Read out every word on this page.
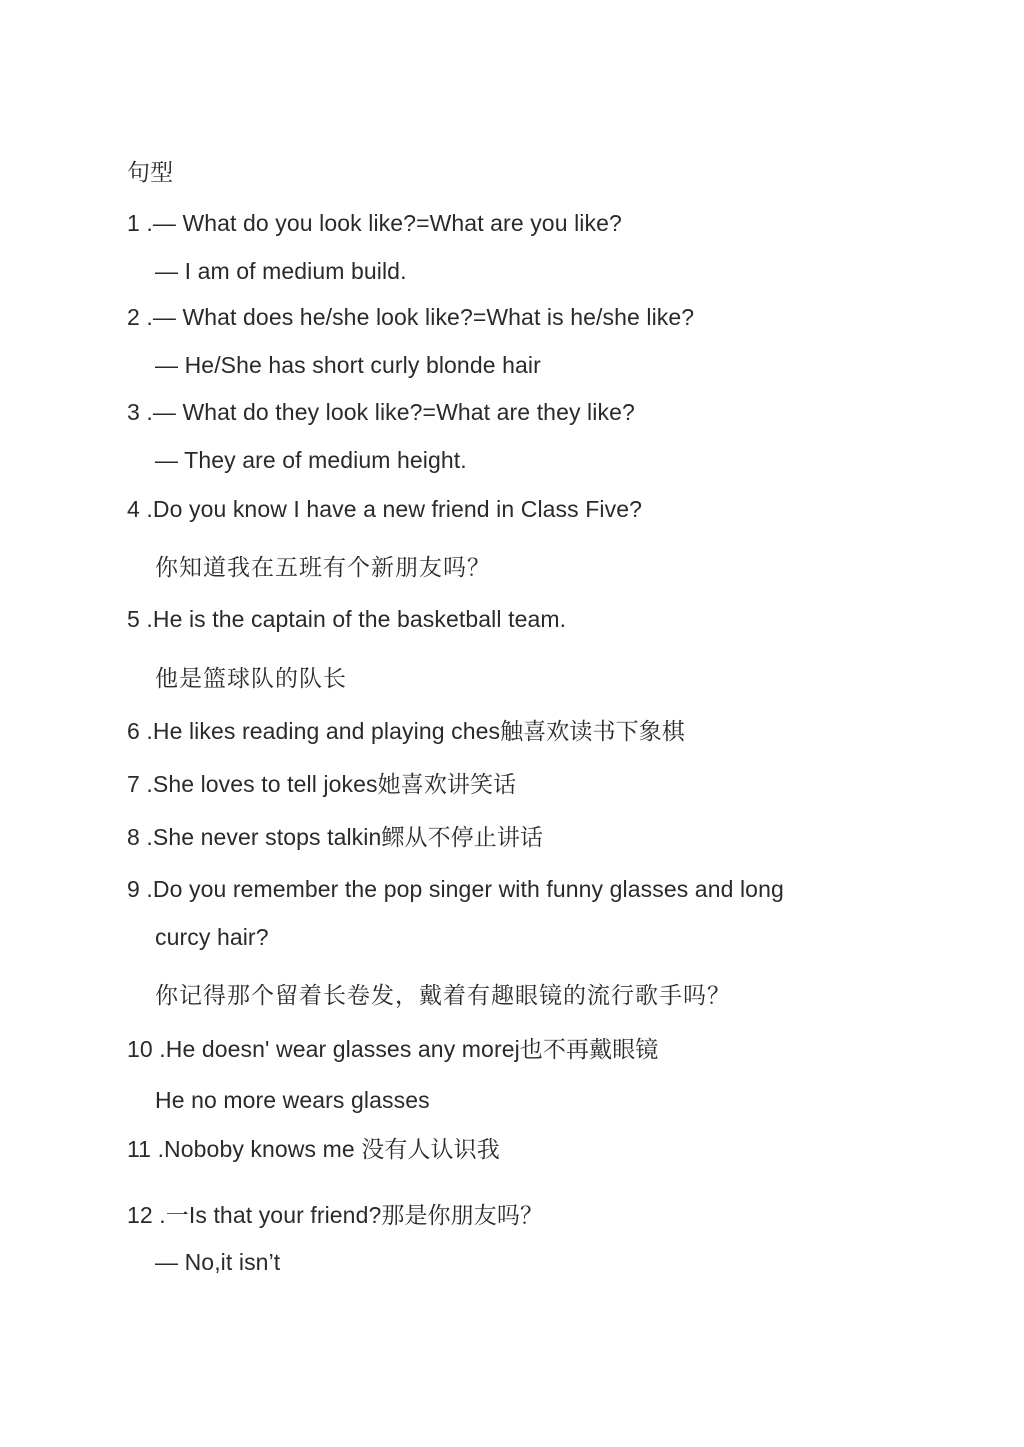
句型
1 .— What do you look like?=What are you like?
— I am of medium build.
2 .— What does he/she look like?=What is he/she like?
— He/She has short curly blonde hair
3 .— What do they look like?=What are they like?
— They are of medium height.
4 .Do you know I have a new friend in Class Five?
你知道我在五班有个新朋友吗？
5 .He is the captain of the basketball team.
他是篮球队的队长
6 .He likes reading and playing ches触喜欢读书下象棋
7 .She loves to tell jokes她喜欢讲笑话
8 .She never stops talkin鳏从不停止讲话
9 .Do you remember the pop singer with funny glasses and long
curcy hair?
你记得那个留着长卷发，戴着有趣眼镜的流行歌手吗？
10 .He doesn' wear glasses any morej也不再戴眼镜
He no more wears glasses
11 .Noboby knows me 没有人认识我
12 .一Is that your friend?那是你朋友吗？
— No,it isn’t
